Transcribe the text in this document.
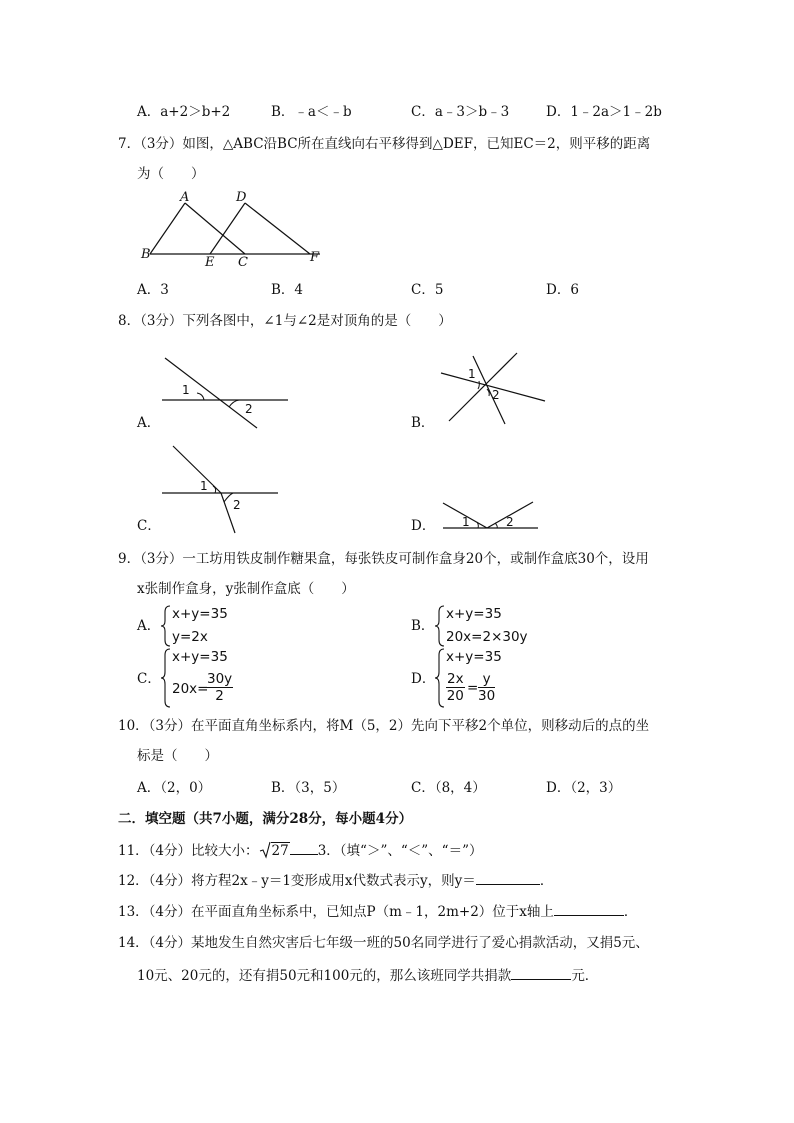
A．a+2＞b+2	B．﹣a＜﹣b	C．a﹣3＞b﹣3	D．1﹣2a＞1﹣2b
7．（3分）如图，△ABC沿BC所在直线向右平移得到△DEF，已知EC＝2，则平移的距离
为（　　）
A	D
B
E C	F
A．3	B．4	C．5	D．6
8．（3分）下列各图中，∠1与∠2是对顶角的是（　　）
1
2
A．
1
2
B．
1
2
C．	1	2
D．
9．（3分）一工坊用铁皮制作糖果盒，每张铁皮可制作盒身20个，或制作盒底30个，设用
x张制作盒身，y张制作盒底（　　）
A．
x+y=35
y=2x
B．
x+y=35
20x=2×30y
C．
x+y=35
20x=
$\frac{30y}{2}$	D．
x+y=35
$\frac{2x}{20} = \frac{y}{30}$
10．（3分）在平面直角坐标系内，将M（5，2）先向下平移2个单位，则移动后的点的坐
标是（　　）
A．（2，0）	B．（3，5）	C．（8，4）	D．（2，3）
二．填空题（共7小题，满分28分，每小题4分）
11．（4分）比较大小： 27 3．（填“＞”、“＜”、“＝”）
12．（4分）将方程2x﹣y＝1变形成用x代数式表示y，则y＝	．
13．（4分）在平面直角坐标系中，已知点P（m﹣1，2m+2）位于x轴上	．
14．（4分）某地发生自然灾害后七年级一班的50名同学进行了爱心捐款活动，又捐5元、
10元、20元的，还有捐50元和100元的，那么该班同学共捐款	元．
